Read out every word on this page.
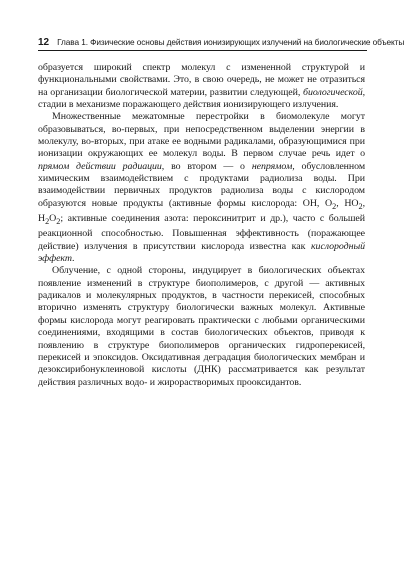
12 Глава 1. Физические основы действия ионизирующих излучений на биологические объекты

образуется широкий спектр молекул с измененной структурой и функциональными свойствами. Это, в свою очередь, не может не отразиться на организации биологической материи, развитии следующей, биологической, стадии в механизме поражающего действия ионизирующего излучения.

Множественные межатомные перестройки в биомолекуле могут образовываться, во-первых, при непосредственном выделении энергии в молекулу, во-вторых, при атаке ее водными радикалами, образующимися при ионизации окружающих ее молекул воды. В первом случае речь идет о прямом действии радиации, во втором — о непрямом, обусловленном химическим взаимодействием с продуктами радиолиза воды. При взаимодействии первичных продуктов радиолиза воды с кислородом образуются новые продукты (активные формы кислорода: OH, $O_2$, $HO_2$, $H_2O_2$; активные соединения азота: пероксинитрит и др.), часто с большей реакционной способностью. Повышенная эффективность (поражающее действие) излучения в присутствии кислорода известна как кислородный эффект.

Облучение, с одной стороны, индуцирует в биологических объектах появление изменений в структуре биополимеров, с другой — активных радикалов и молекулярных продуктов, в частности перекисей, способных вторично изменять структуру биологически важных молекул. Активные формы кислорода могут реагировать практически с любыми органическими соединениями, входящими в состав биологических объектов, приводя к появлению в структуре биополимеров органических гидроперекисей, перекисей и эпоксидов. Оксидативная деградация биологических мембран и дезоксирибонуклеиновой кислоты (ДНК) рассматривается как результат действия различных водо- и жирорастворимых прооксидантов.
